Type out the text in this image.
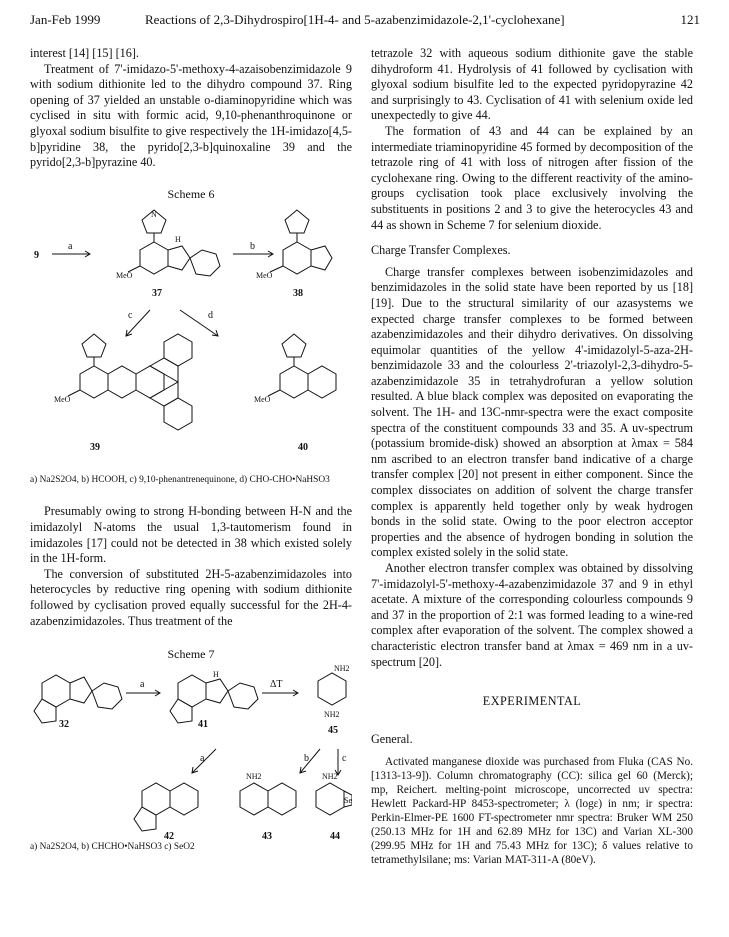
Jan-Feb 1999	Reactions of 2,3-Dihydrospiro[1H-4- and 5-azabenzimidazole-2,1'-cyclohexane]	121

interest [14] [15] [16].

Treatment of 7'-imidazo-5'-methoxy-4-azaisobenzimidazole 9 with sodium dithionite led to the dihydro compound 37. Ring opening of 37 yielded an unstable o-diaminopyridine which was cyclised in situ with formic acid, 9,10-phenanthroquinone or glyoxal sodium bisulfite to give respectively the 1H-imidazo[4,5-b]pyridine 38, the pyrido[2,3-b]quinoxaline 39 and the pyrido[2,3-b]pyrazine 40.

Scheme 6

9
a
N
MeO
H
37
b
MeO
38
c	d
MeO	MeO
39	40

a) Na2S2O4, b) HCOOH, c) 9,10-phenantrenequinone, d) CHO-CHO•NaHSO3

Presumably owing to strong H-bonding between H-N and the imidazolyl N-atoms the usual 1,3-tautomerism found in imidazoles [17] could not be detected in 38 which existed solely in the 1H-form.

The conversion of substituted 2H-5-azabenzimidazoles into heterocycles by reductive ring opening with sodium dithionite followed by cyclisation proved equally successful for the 2H-4-azabenzimidazoles. Thus treatment of the

Scheme 7

a	ΔT
32	41
H
NH2
NH2
45
a	b	c
NH2	NH2
Se
42	43	44

a) Na2S2O4, b) CHCHO•NaHSO3 c) SeO2

tetrazole 32 with aqueous sodium dithionite gave the stable dihydroform 41. Hydrolysis of 41 followed by cyclisation with glyoxal sodium bisulfite led to the expected pyridopyrazine 42 and surprisingly to 43. Cyclisation of 41 with selenium oxide led unexpectedly to give 44.

The formation of 43 and 44 can be explained by an intermediate triaminopyridine 45 formed by decomposition of the tetrazole ring of 41 with loss of nitrogen after fission of the cyclohexane ring. Owing to the different reactivity of the amino-groups cyclisation took place exclusively involving the substituents in positions 2 and 3 to give the heterocycles 43 and 44 as shown in Scheme 7 for selenium dioxide.

Charge Transfer Complexes.

Charge transfer complexes between isobenzimidazoles and benzimidazoles in the solid state have been reported by us [18] [19]. Due to the structural similarity of our azasystems we expected charge transfer complexes to be formed between azabenzimidazoles and their dihydro derivatives. On dissolving equimolar quantities of the yellow 4'-imidazolyl-5-aza-2H-benzimidazole 33 and the colourless 2'-triazolyl-2,3-dihydro-5-azabenzimidazole 35 in tetrahydrofuran a yellow solution resulted. A blue black complex was deposited on evaporating the solvent. The 1H- and 13C-nmr-spectra were the exact composite spectra of the constituent compounds 33 and 35. A uv-spectrum (potassium bromide-disk) showed an absorption at λmax = 584 nm ascribed to an electron transfer band indicative of a charge transfer complex [20] not present in either component. Since the complex dissociates on addition of solvent the charge transfer complex is apparently held together only by weak hydrogen bonds in the solid state. Owing to the poor electron acceptor properties and the absence of hydrogen bonding in solution the complex existed solely in the solid state.

Another electron transfer complex was obtained by dissolving 7'-imidazolyl-5'-methoxy-4-azabenzimidazole 37 and 9 in ethyl acetate. A mixture of the corresponding colourless compounds 9 and 37 in the proportion of 2:1 was formed leading to a wine-red complex after evaporation of the solvent. The complex showed a characteristic electron transfer band at λmax = 469 nm in a uv-spectrum [20].

EXPERIMENTAL

General.

Activated manganese dioxide was purchased from Fluka (CAS No. [1313-13-9]). Column chromatography (CC): silica gel 60 (Merck); mp, Reichert. melting-point microscope, uncorrected uv spectra: Hewlett Packard-HP 8453-spectrometer; λ (logε) in nm; ir spectra: Perkin-Elmer-PE 1600 FT-spectrometer nmr spectra: Bruker WM 250 (250.13 MHz for 1H and 62.89 MHz for 13C) and Varian XL-300 (299.95 MHz for 1H and 75.43 MHz for 13C); δ values relative to tetramethylsilane; ms: Varian MAT-311-A (80eV).
